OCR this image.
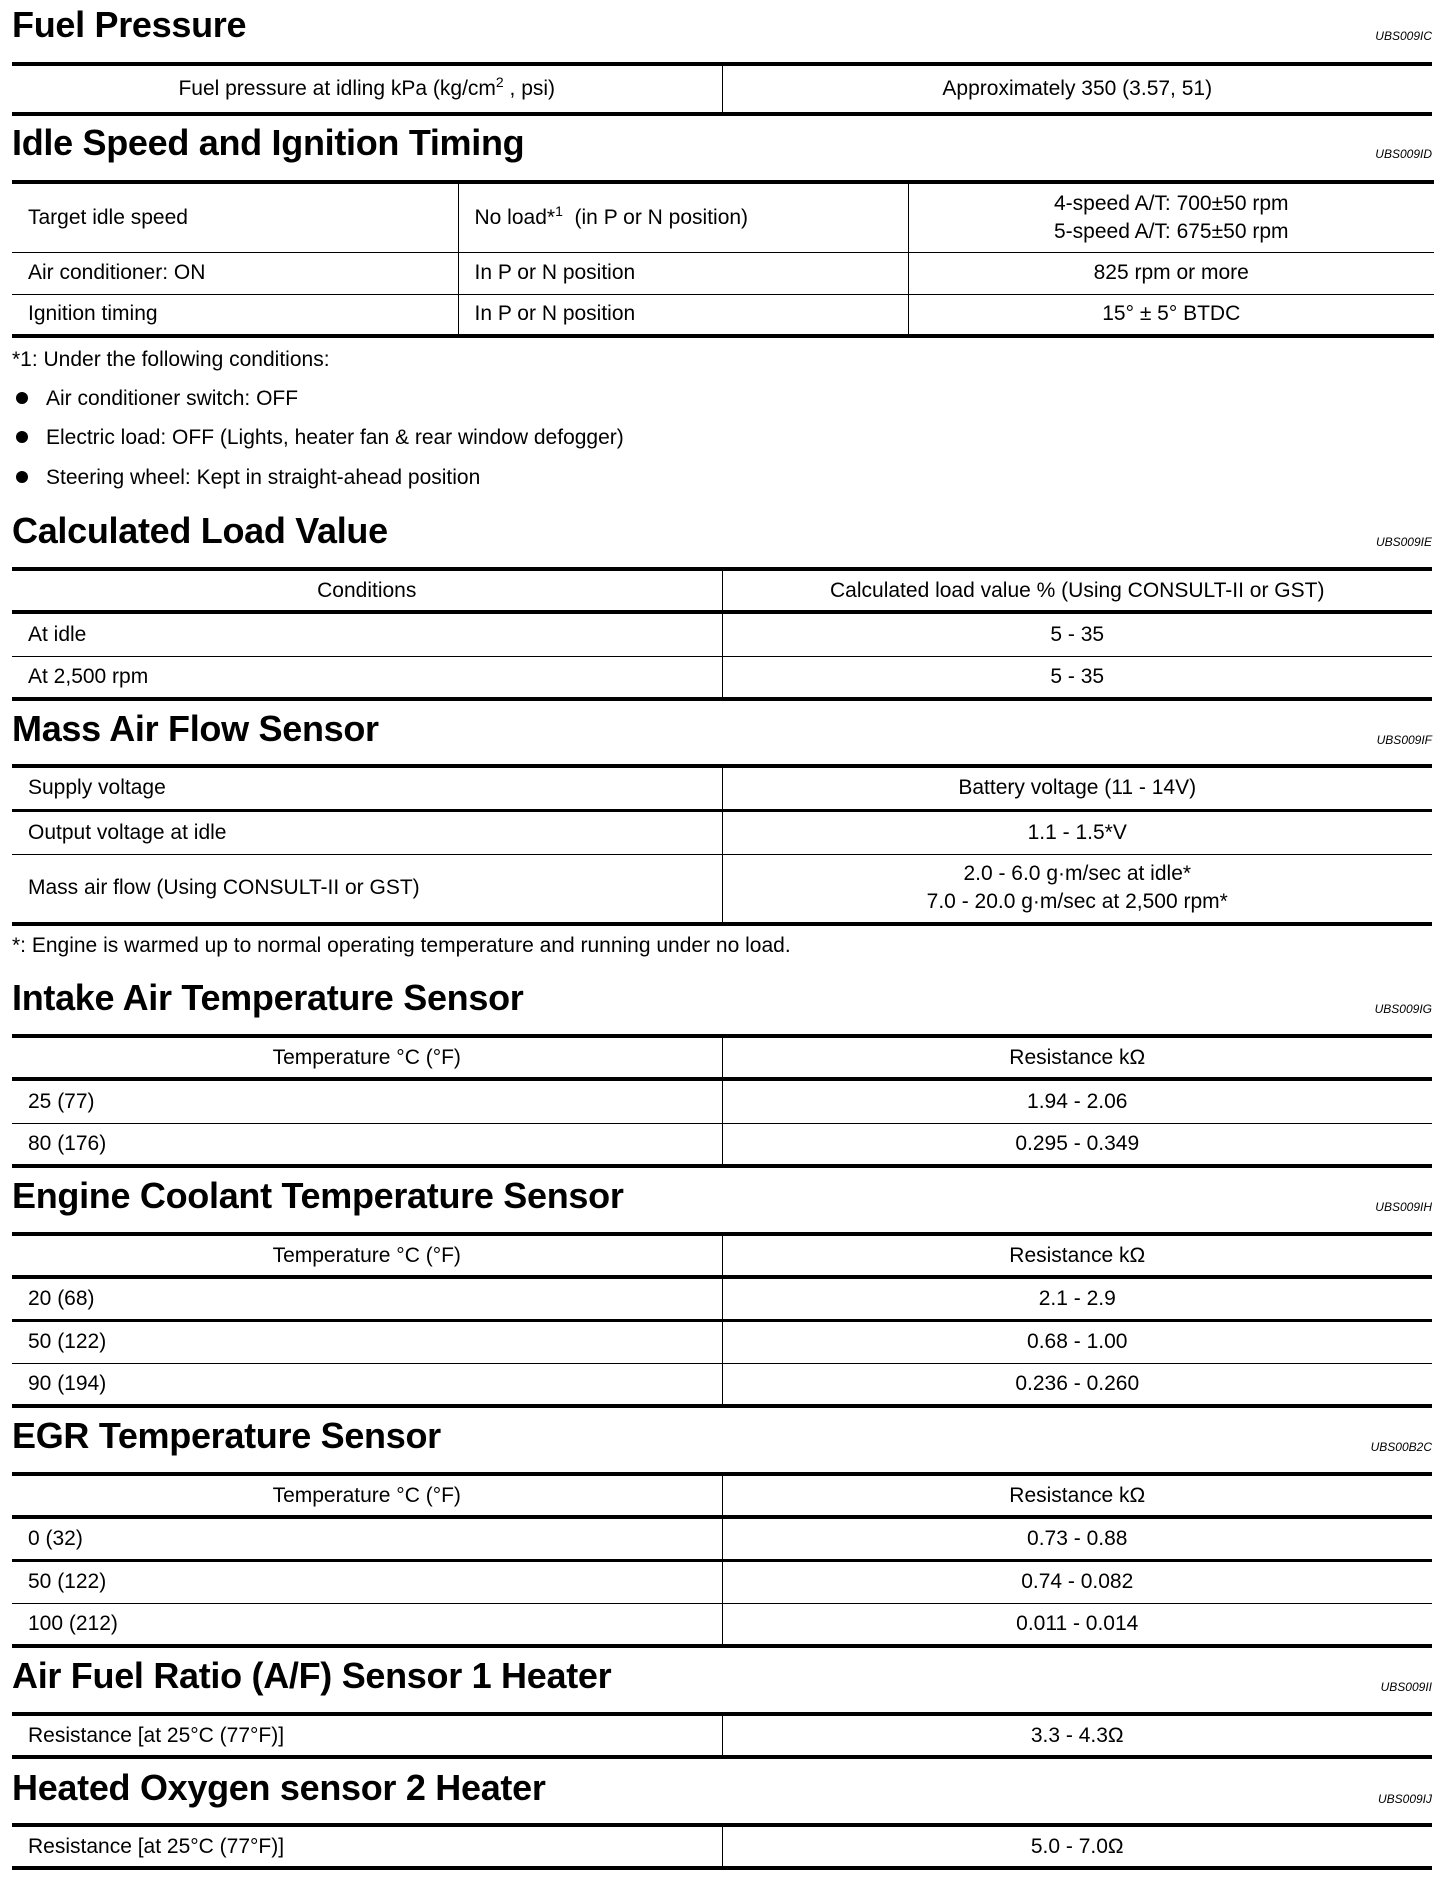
Fuel Pressure	UBS009IC
Fuel pressure at idling kPa ($kg/cm^2$ , psi)	Approximately 350 (3.57, 51)
Idle Speed and Ignition Timing	UBS009ID
Target idle speed	No load*$^1$  (in P or N position)	4-speed A/T: 700±50 rpm
5-speed A/T: 675±50 rpm

Air conditioner: ON	In P or N position	825 rpm or more
Ignition timing	In P or N position	15° ± 5° BTDC
*1: Under the following conditions:
Air conditioner switch: OFF
Electric load: OFF (Lights, heater fan & rear window defogger)
Steering wheel: Kept in straight-ahead position
Calculated Load Value	UBS009IE
Conditions	Calculated load value % (Using CONSULT-II or GST)
At idle	5 - 35
At 2,500 rpm	5 - 35
Mass Air Flow Sensor	UBS009IF
Supply voltage	Battery voltage (11 - 14V)
Output voltage at idle	1.1 - 1.5*V
Mass air flow (Using CONSULT-II or GST)	2.0 - 6.0 g·m/sec at idle*
7.0 - 20.0 g·m/sec at 2,500 rpm*
*: Engine is warmed up to normal operating temperature and running under no load.
Intake Air Temperature Sensor	UBS009IG
Temperature °C (°F)	Resistance kΩ
25 (77)	1.94 - 2.06
80 (176)	0.295 - 0.349
Engine Coolant Temperature Sensor	UBS009IH
Temperature °C (°F)	Resistance kΩ
20 (68)	2.1 - 2.9
50 (122)	0.68 - 1.00
90 (194)	0.236 - 0.260
EGR Temperature Sensor	UBS00B2C
Temperature °C (°F)	Resistance kΩ
0 (32)	0.73 - 0.88
50 (122)	0.74 - 0.082
100 (212)	0.011 - 0.014
Air Fuel Ratio (A/F) Sensor 1 Heater	UBS009II
Resistance [at 25°C (77°F)]	3.3 - 4.3Ω
Heated Oxygen sensor 2 Heater	UBS009IJ
Resistance [at 25°C (77°F)]	5.0 - 7.0Ω
